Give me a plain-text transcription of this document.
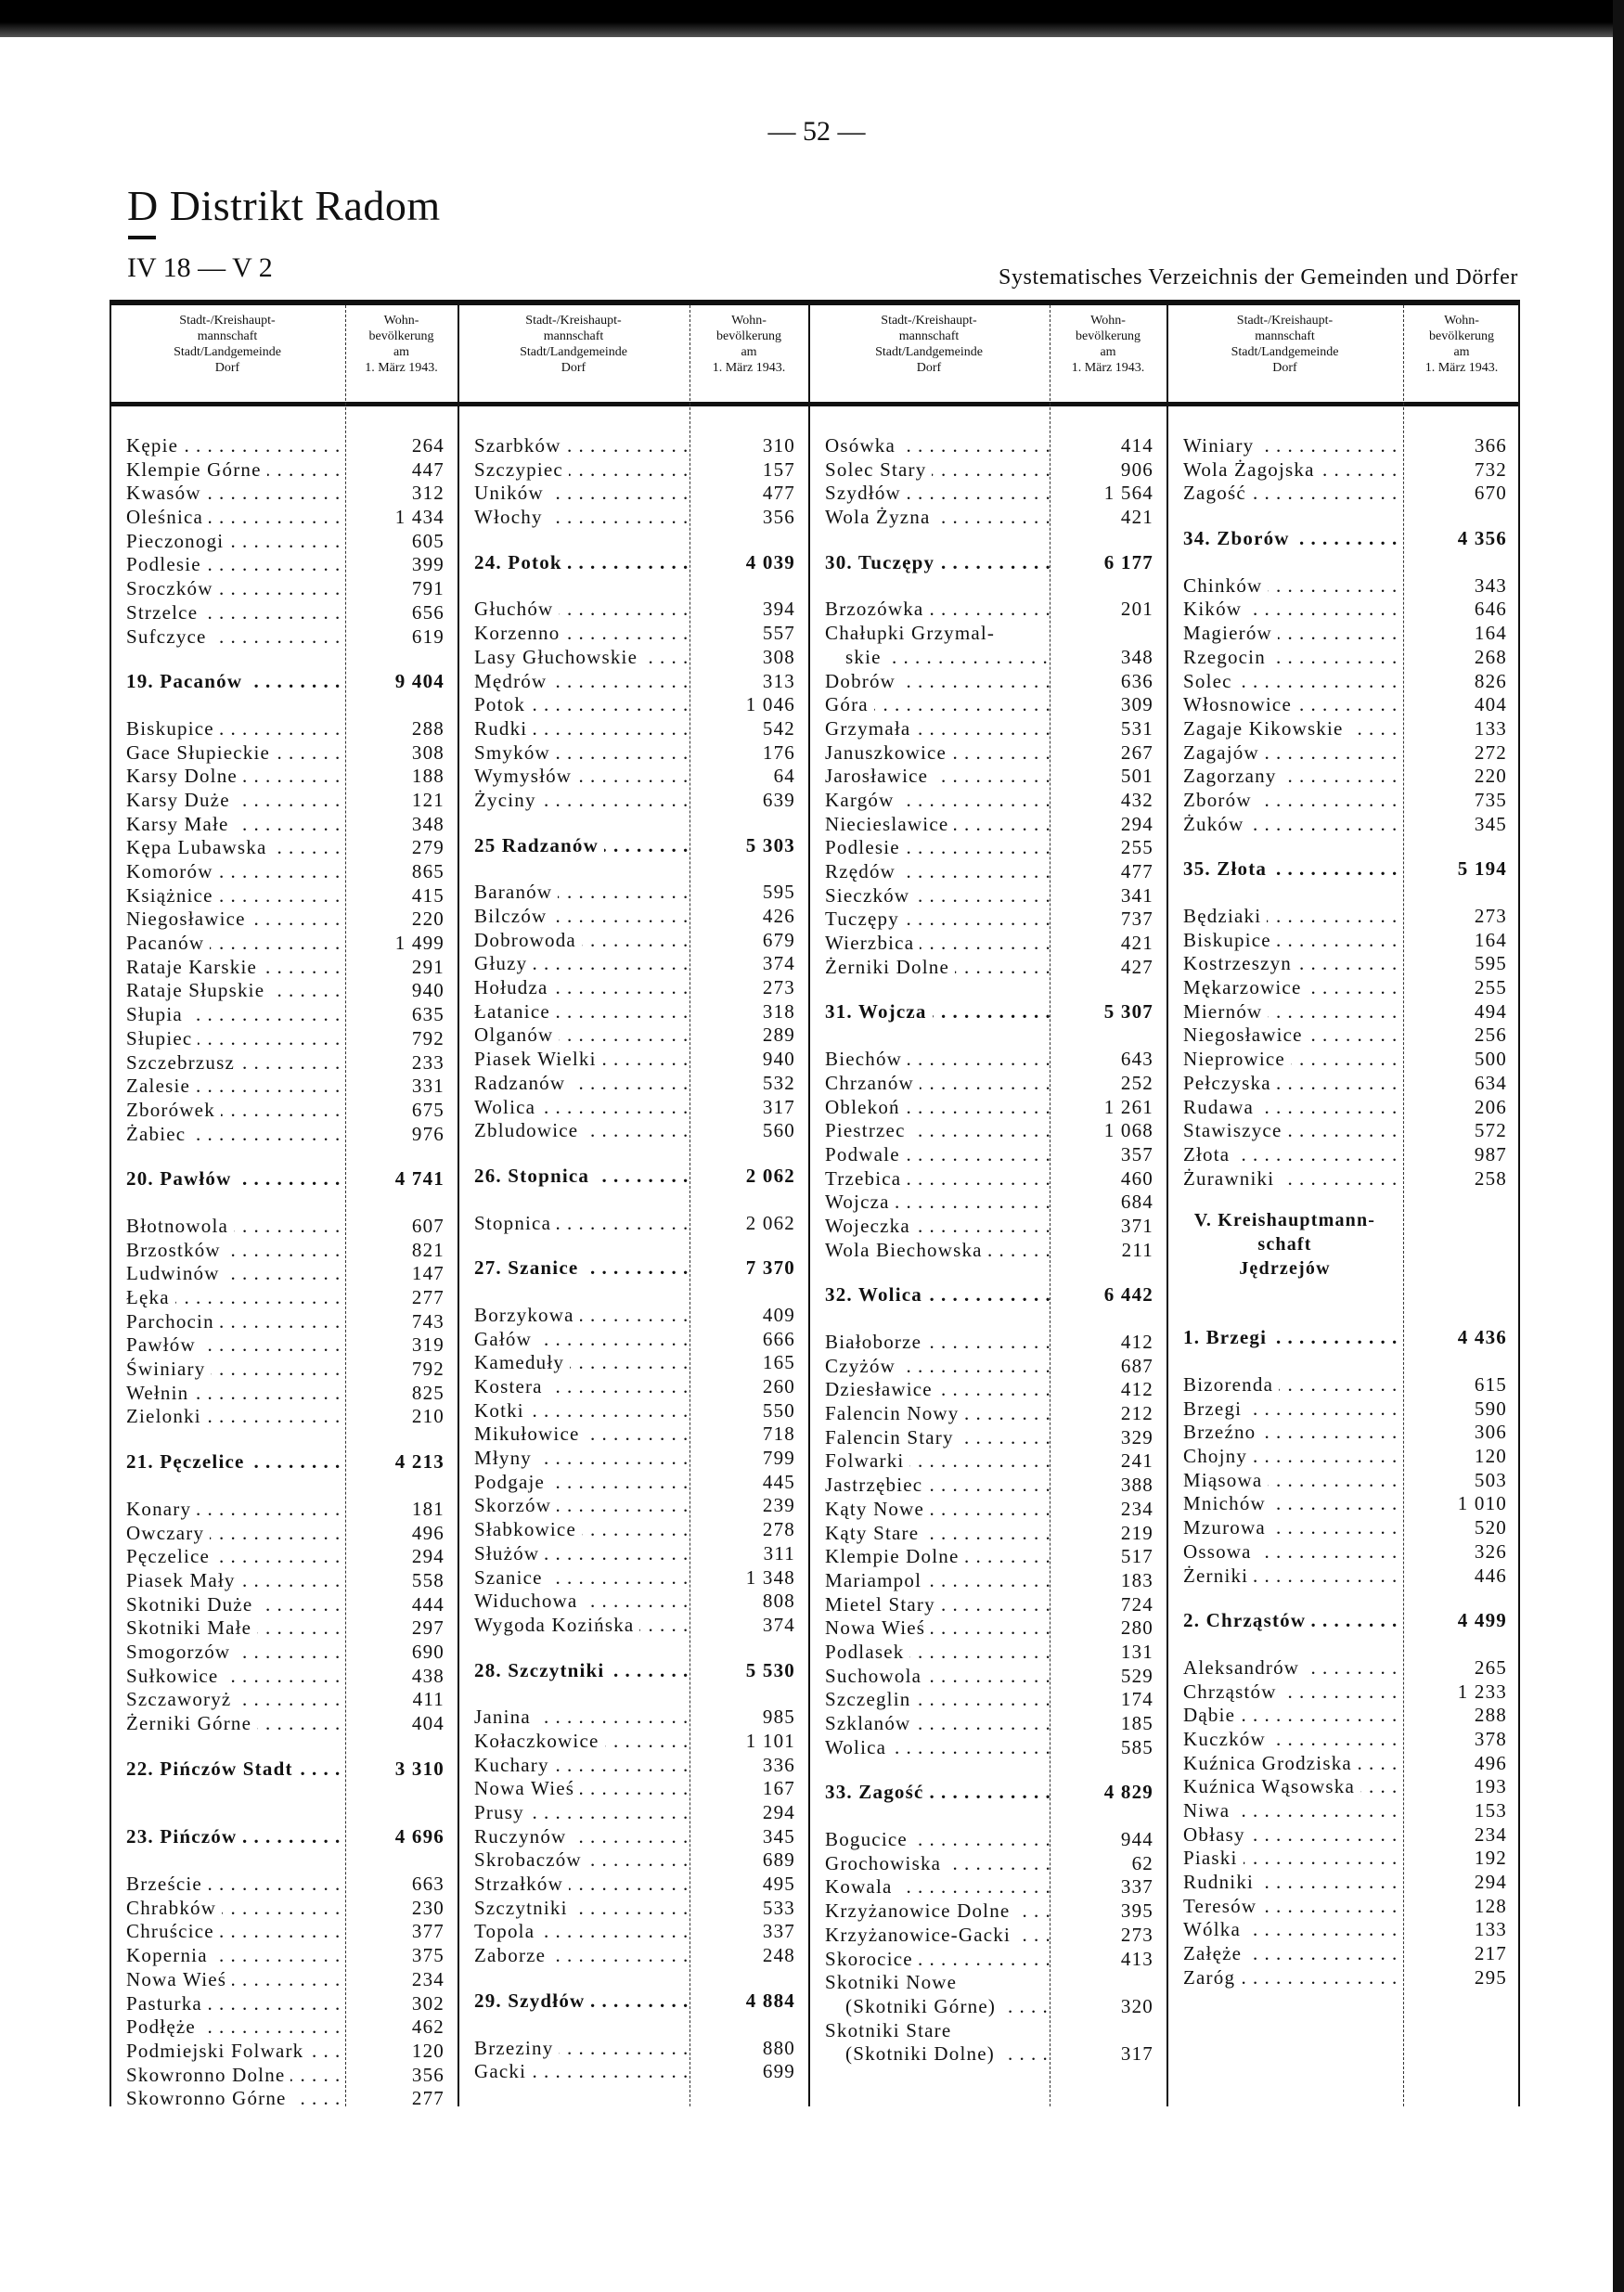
— 52 —
D Distrikt Radom
IV 18 — V 2	Systematisches Verzeichnis der Gemeinden und Dörfer
Kępie . . .	264
Klempie Górne . . .	447
Kwasów . . .	312
Oleśnica . . .	1 434
Pieczonogi . . .	605
Podlesie . . .	399
Sroczków . . .	791
Strzelce . . .	656
Sufczyce . . .	619
19. Pacanów . . .	9 404
Biskupice . . .	288
Gace Słupieckie . . .	308
Karsy Dolne . . .	188
Karsy Duże . . .	121
Karsy Małe . . .	348
Kępa Lubawska . . .	279
Komorów . . .	865
Książnice . . .	415
Niegosławice . . .	220
Pacanów . . .	1 499
Rataje Karskie . . .	291
Rataje Słupskie . . .	940
Słupia . . .	635
Słupiec . . .	792
Szczebrzusz . . .	233
Zalesie . . .	331
Zborówek . . .	675
Żabiec . . .	976
20. Pawłów . . .	4 741
Błotnowola . . .	607
Brzostków . . .	821
Ludwinów . . .	147
Łęka . . .	277
Parchocin . . .	743
Pawłów . . .	319
Świniary . . .	792
Wełnin . . .	825
Zielonki . . .	210
21. Pęczelice . . .	4 213
Konary . . .	181
Owczary . . .	496
Pęczelice . . .	294
Piasek Mały . . .	558
Skotniki Duże . . .	444
Skotniki Małe . . .	297
Smogorzów . . .	690
Sułkowice . . .	438
Szczaworyż . . .	411
Żerniki Górne . . .	404
22. Pińczów Stadt . . .	3 310
23. Pińczów . . .	4 696
Brzeście . . .	663
Chrabków . . .	230
Chruścice . . .	377
Kopernia . . .	375
Nowa Wieś . . .	234
Pasturka . . .	302
Podłęże . . .	462
Podmiejski Folwark . . .	120
Skowronno Dolne . . .	356
Skowronno Górne . . .	277
Szarbków . . .	310
Szczypiec . . .	157
Uników . . .	477
Włochy . . .	356
24. Potok . . .	4 039
Głuchów . . .	394
Korzenno . . .	557
Lasy Głuchowskie . . .	308
Mędrów . . .	313
Potok . . .	1 046
Rudki . . .	542
Smyków . . .	176
Wymysłów . . .	64
Życiny . . .	639
25 Radzanów . . .	5 303
Baranów . . .	595
Bilczów . . .	426
Dobrowoda . . .	679
Głuzy . . .	374
Hołudza . . .	273
Łatanice . . .	318
Olganów . . .	289
Piasek Wielki . . .	940
Radzanów . . .	532
Wolica . . .	317
Zbludowice . . .	560
26. Stopnica . . .	2 062
Stopnica . . .	2 062
27. Szanice . . .	7 370
Borzykowa . . .	409
Gałów . . .	666
Kameduły . . .	165
Kostera . . .	260
Kotki . . .	550
Mikułowice . . .	718
Młyny . . .	799
Podgaje . . .	445
Skorzów . . .	239
Słabkowice . . .	278
Służów . . .	311
Szanice . . .	1 348
Widuchowa . . .	808
Wygoda Kozińska . . .	374
28. Szczytniki . . .	5 530
Janina . . .	985
Kołaczkowice . . .	1 101
Kuchary . . .	336
Nowa Wieś . . .	167
Prusy . . .	294
Ruczynów . . .	345
Skrobaczów . . .	689
Strzałków . . .	495
Szczytniki . . .	533
Topola . . .	337
Zaborze . . .	248
29. Szydłów . . .	4 884
Brzeziny . . .	880
Gacki . . .	699
Osówka . . .	414
Solec Stary . . .	906
Szydłów . . .	1 564
Wola Żyzna . . .	421
30. Tuczępy . . .	6 177
Brzozówka . . .	201
Chałupki Grzymal-
skie . . .	348
Dobrów . . .	636
Góra . . .	309
Grzymała . . .	531
Januszkowice . . .	267
Jarosławice . . .	501
Kargów . . .	432
Niecieslawice . . .	294
Podlesie . . .	255
Rzędów . . .	477
Sieczków . . .	341
Tuczępy . . .	737
Wierzbica . . .	421
Żerniki Dolne . . .	427
31. Wojcza . . .	5 307
Biechów . . .	643
Chrzanów . . .	252
Oblekoń . . .	1 261
Piestrzec . . .	1 068
Podwale . . .	357
Trzebica . . .	460
Wojcza . . .	684
Wojeczka . . .	371
Wola Biechowska . . .	211
32. Wolica . . .	6 442
Białoborze . . .	412
Czyżów . . .	687
Dziesławice . . .	412
Falencin Nowy . . .	212
Falencin Stary . . .	329
Folwarki . . .	241
Jastrzębiec . . .	388
Kąty Nowe . . .	234
Kąty Stare . . .	219
Klempie Dolne . . .	517
Mariampol . . .	183
Mietel Stary . . .	724
Nowa Wieś . . .	280
Podlasek . . .	131
Suchowola . . .	529
Szczeglin . . .	174
Szklanów . . .	185
Wolica . . .	585
33. Zagość . . .	4 829
Bogucice . . .	944
Grochowiska . . .	62
Kowala . . .	337
Krzyżanowice Dolne . . .	395
Krzyżanowice-Gacki . . .	273
Skorocice . . .	413
Skotniki Nowe
(Skotniki Górne) . . .	320
Skotniki Stare
(Skotniki Dolne) . . .	317
Winiary . . .	366
Wola Żagojska . . .	732
Zagość . . .	670
34. Zborów . . .	4 356
Chinków . . .	343
Kików . . .	646
Magierów . . .	164
Rzegocin . . .	268
Solec . . .	826
Włosnowice . . .	404
Zagaje Kikowskie . . .	133
Zagajów . . .	272
Zagorzany . . .	220
Zborów . . .	735
Żuków . . .	345
35. Złota . . .	5 194
Będziaki . . .	273
Biskupice . . .	164
Kostrzeszyn . . .	595
Mękarzowice . . .	255
Miernów . . .	494
Niegosławice . . .	256
Nieprowice . . .	500
Pełczyska . . .	634
Rudawa . . .	206
Stawiszyce . . .	572
Złota . . .	987
Żurawniki . . .	258
V. Kreishauptmann-
schaft
Jędrzejów
1. Brzegi . . .	4 436
Bizorenda . . .	615
Brzegi . . .	590
Brzeźno . . .	306
Chojny . . .	120
Miąsowa . . .	503
Mnichów . . .	1 010
Mzurowa . . .	520
Ossowa . . .	326
Żerniki . . .	446
2. Chrząstów . . .	4 499
Aleksandrów . . .	265
Chrząstów . . .	1 233
Dąbie . . .	288
Kuczków . . .	378
Kuźnica Grodziska . . .	496
Kuźnica Wąsowska . . .	193
Niwa . . .	153
Obłasy . . .	234
Piaski . . .	192
Rudniki . . .	294
Teresów . . .	128
Wólka . . .	133
Załęże . . .	217
Zaróg . . .	295
Stadt-/Kreishaupt-
mannschaft
Stadt/Landgemeinde
Dorf
Wohn-
bevölkerung
am
1. März 1943.
Stadt-/Kreishaupt-
mannschaft
Stadt/Landgemeinde
Dorf
Wohn-
bevölkerung
am
1. März 1943.
Stadt-/Kreishaupt-
mannschaft
Stadt/Landgemeinde
Dorf
Wohn-
bevölkerung
am
1. März 1943.
Stadt-/Kreishaupt-
mannschaft
Stadt/Landgemeinde
Dorf
Wohn-
bevölkerung
am
1. März 1943.
